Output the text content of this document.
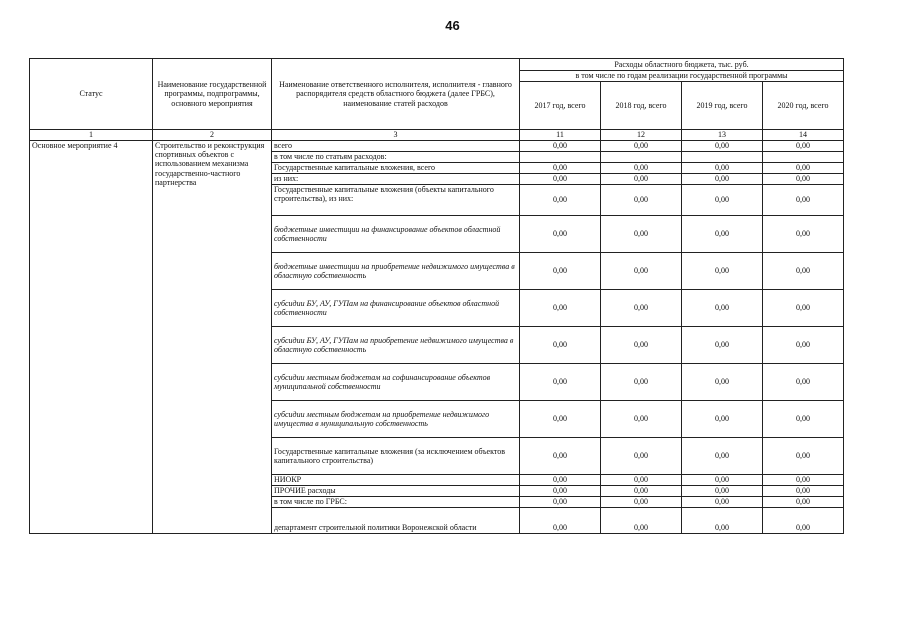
46
Статус	Наименование государственной программы, подпрограммы, основного мероприятия	Наименование ответственного исполнителя, исполнителя - главного распорядителя средств областного бюджета (далее ГРБС), наименование статей расходов	Расходы областного бюджета, тыс. руб.			
			в том числе по годам реализации государственной программы			
			2017 год, всего	2018 год, всего	2019 год, всего	2020 год, всего
1	2	3	11	12	13	14
Основное мероприятие 4	Строительство и реконструкция спортивных объектов с использованием механизма государственно-частного партнерства	всего	0,00	0,00	0,00	0,00
		в том числе по статьям расходов:				
		Государственные капитальные вложения, всего	0,00	0,00	0,00	0,00
		из них:	0,00	0,00	0,00	0,00
		Государственные капитальные вложения (объекты капитального строительства), из них:	0,00	0,00	0,00	0,00
		бюджетные инвестиции на финансирование объектов областной собственности	0,00	0,00	0,00	0,00
		бюджетные инвестиции на приобретение недвижимого имущества в областную собственность	0,00	0,00	0,00	0,00
		субсидии БУ, АУ, ГУПам на финансирование объектов областной собственности	0,00	0,00	0,00	0,00
		субсидии БУ, АУ, ГУПам на приобретение недвижимого имущества в областную собственность	0,00	0,00	0,00	0,00
		субсидии местным бюджетам на софинансирование объектов муниципальной собственности	0,00	0,00	0,00	0,00
		субсидии местным бюджетам на приобретение недвижимого имущества в муниципальную собственность	0,00	0,00	0,00	0,00
		Государственные капитальные вложения (за исключением объектов капитального строительства)	0,00	0,00	0,00	0,00
		НИОКР	0,00	0,00	0,00	0,00
		ПРОЧИЕ расходы	0,00	0,00	0,00	0,00
		в том числе по ГРБС:	0,00	0,00	0,00	0,00
		департамент строительной политики Воронежской области	0,00	0,00	0,00	0,00
